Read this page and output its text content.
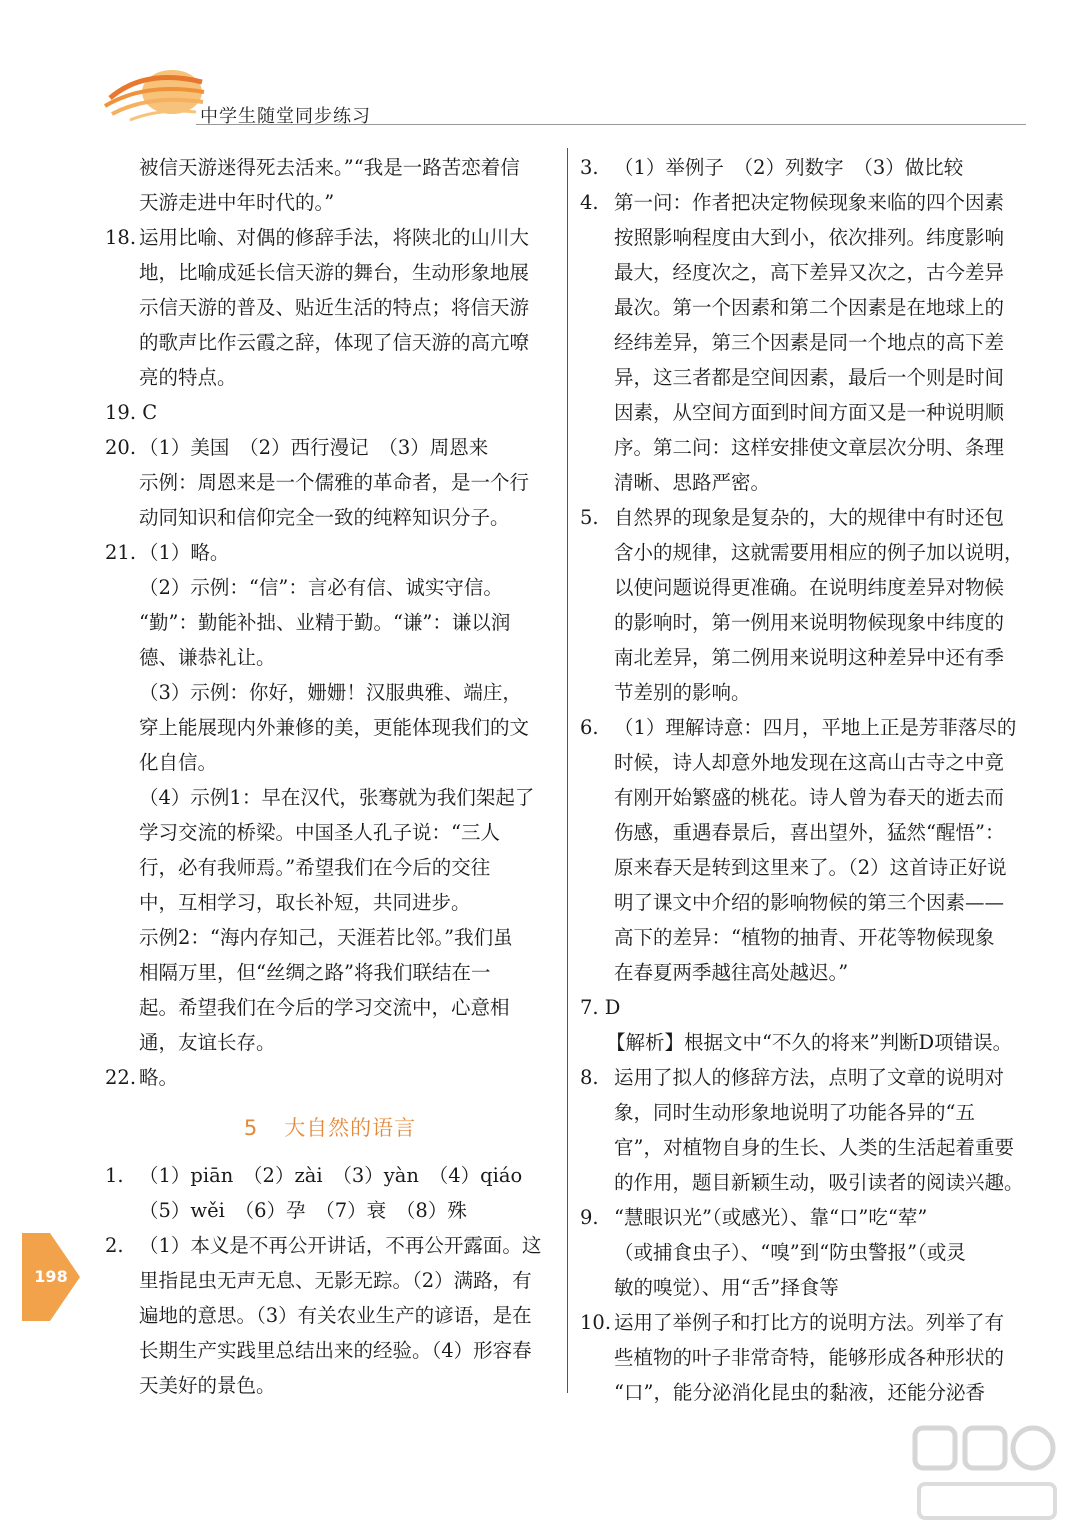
中学生随堂同步练习

被信天游迷得死去活来。”“我是一路苦恋着信

天游走进中年时代的。”

18. 运用比喻、对偶的修辞手法，将陕北的山川大
地，比喻成延长信天游的舞台，生动形象地展
示信天游的普及、贴近生活的特点；将信天游
的歌声比作云霞之辞，体现了信天游的高亢嘹
亮的特点。
19. C

20. （1）美国　（2）西行漫记　（3）周恩来
示例：周恩来是一个儒雅的革命者，是一个行
动同知识和信仰完全一致的纯粹知识分子。
21. （1）略。
（2）示例：“信”：言必有信、诚实守信。
“勤”：勤能补拙、业精于勤。“谦”：谦以润
德、谦恭礼让。
（3）示例：你好，姗姗！汉服典雅、端庄，
穿上能展现内外兼修的美，更能体现我们的文
化自信。
（4）示例1：早在汉代，张骞就为我们架起了
学习交流的桥梁。中国圣人孔子说：“三人
行，必有我师焉。”希望我们在今后的交往
中，互相学习，取长补短，共同进步。
示例2：“海内存知己，天涯若比邻。”我们虽
相隔万里，但“丝绸之路”将我们联结在一
起。希望我们在今后的学习交流中，心意相
通，友谊长存。
22. 略。
5 大自然的语言
1. （1）piān　（2）zài　（3）yàn　（4）qiáo
（5）wěi　（6）孕　（7）衰　（8）殊
2. （1）本义是不再公开讲话，不再公开露面。这
里指昆虫无声无息、无影无踪。（2）满路，有
遍地的意思。（3）有关农业生产的谚语，是在
长期生产实践里总结出来的经验。（4）形容春
天美好的景色。
3. （1）举例子　（2）列数字　（3）做比较
4. 第一问：作者把决定物候现象来临的四个因素
按照影响程度由大到小，依次排列。纬度影响
最大，经度次之，高下差异又次之，古今差异
最次。第一个因素和第二个因素是在地球上的
经纬差异，第三个因素是同一个地点的高下差
异，这三者都是空间因素，最后一个则是时间
因素，从空间方面到时间方面又是一种说明顺
序。第二问：这样安排使文章层次分明、条理
清晰、思路严密。
5. 自然界的现象是复杂的，大的规律中有时还包
含小的规律，这就需要用相应的例子加以说明，
以使问题说得更准确。在说明纬度差异对物候
的影响时，第一例用来说明物候现象中纬度的
南北差异，第二例用来说明这种差异中还有季
节差别的影响。
6. （1）理解诗意：四月，平地上正是芳菲落尽的
时候，诗人却意外地发现在这高山古寺之中竟
有刚开始繁盛的桃花。诗人曾为春天的逝去而
伤感，重遇春景后，喜出望外，猛然“醒悟”：
原来春天是转到这里来了。（2）这首诗正好说
明了课文中介绍的影响物候的第三个因素——
高下的差异：“植物的抽青、开花等物候现象
在春夏两季越往高处越迟。”
7. D

【解析】根据文中“不久的将来”判断D项错误。

8. 运用了拟人的修辞方法，点明了文章的说明对
象，同时生动形象地说明了功能各异的“五
官”，对植物自身的生长、人类的生活起着重要
的作用，题目新颖生动，吸引读者的阅读兴趣。
9. “慧眼识光”（或感光）、靠“口”吃“荤”
（或捕食虫子）、“嗅”到“防虫警报”（或灵
敏的嗅觉）、用“舌”择食等
10. 运用了举例子和打比方的说明方法。列举了有
些植物的叶子非常奇特，能够形成各种形状的
“口”，能分泌消化昆虫的黏液，还能分泌香
198
